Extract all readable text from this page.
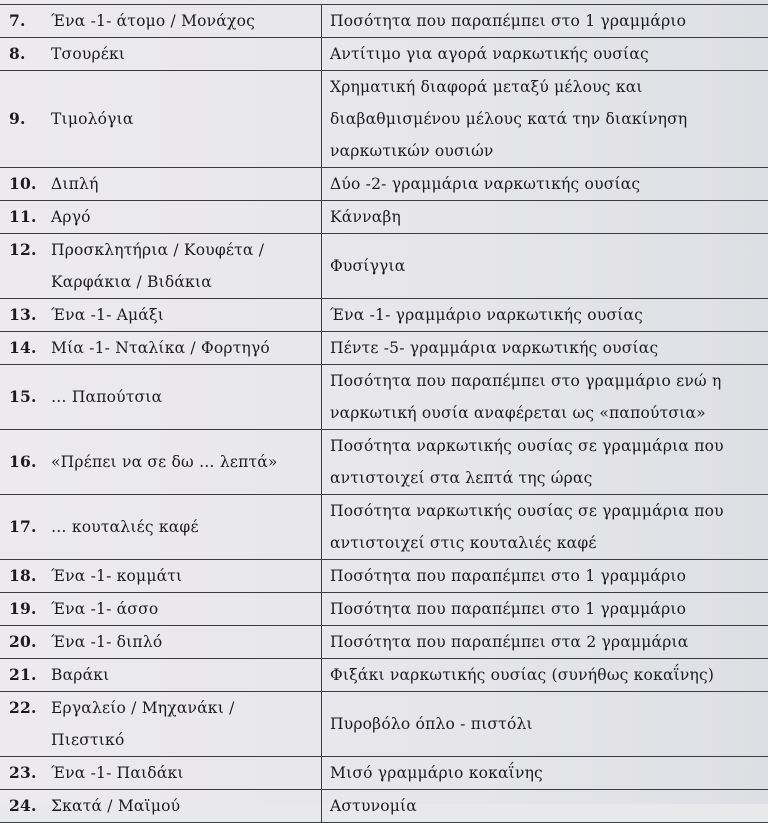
7. Ένα -1- άτομο / Μονάχος	Ποσότητα που παραπέμπει στο 1 γραμμάριο

8. Τσουρέκι	Αντίτιμο για αγορά ναρκωτικής ουσίας

9. Τιμολόγια	Χρηματική διαφορά μεταξύ μέλους και
διαβαθμισμένου μέλους κατά την διακίνηση
ναρκωτικών ουσιών

10. Διπλή	Δύο -2- γραμμάρια ναρκωτικής ουσίας

11. Αργό	Κάνναβη

12. Προσκλητήρια / Κουφέτα /
Καρφάκια / Βιδάκια	Φυσίγγια

13. Ένα -1- Αμάξι	Ένα -1- γραμμάριο ναρκωτικής ουσίας

14. Μία -1- Νταλίκα / Φορτηγό	Πέντε -5- γραμμάρια ναρκωτικής ουσίας

15. … Παπούτσια	Ποσότητα που παραπέμπει στο γραμμάριο ενώ η
ναρκωτική ουσία αναφέρεται ως «παπούτσια»

16. «Πρέπει να σε δω … λεπτά»	Ποσότητα ναρκωτικής ουσίας σε γραμμάρια που
αντιστοιχεί στα λεπτά της ώρας

17. … κουταλιές καφέ	Ποσότητα ναρκωτικής ουσίας σε γραμμάρια που
αντιστοιχεί στις κουταλιές καφέ

18. Ένα -1- κομμάτι	Ποσότητα που παραπέμπει στο 1 γραμμάριο

19. Ένα -1- άσσο	Ποσότητα που παραπέμπει στο 1 γραμμάριο

20. Ένα -1- διπλό	Ποσότητα που παραπέμπει στα 2 γραμμάρια

21. Βαράκι	Φιξάκι ναρκωτικής ουσίας (συνήθως κοκαΐνης)

22. Εργαλείο / Μηχανάκι /
Πιεστικό	Πυροβόλο όπλο - πιστόλι

23. Ένα -1- Παιδάκι	Μισό γραμμάριο κοκαΐνης

24. Σκατά / Μαϊμού	Αστυνομία
